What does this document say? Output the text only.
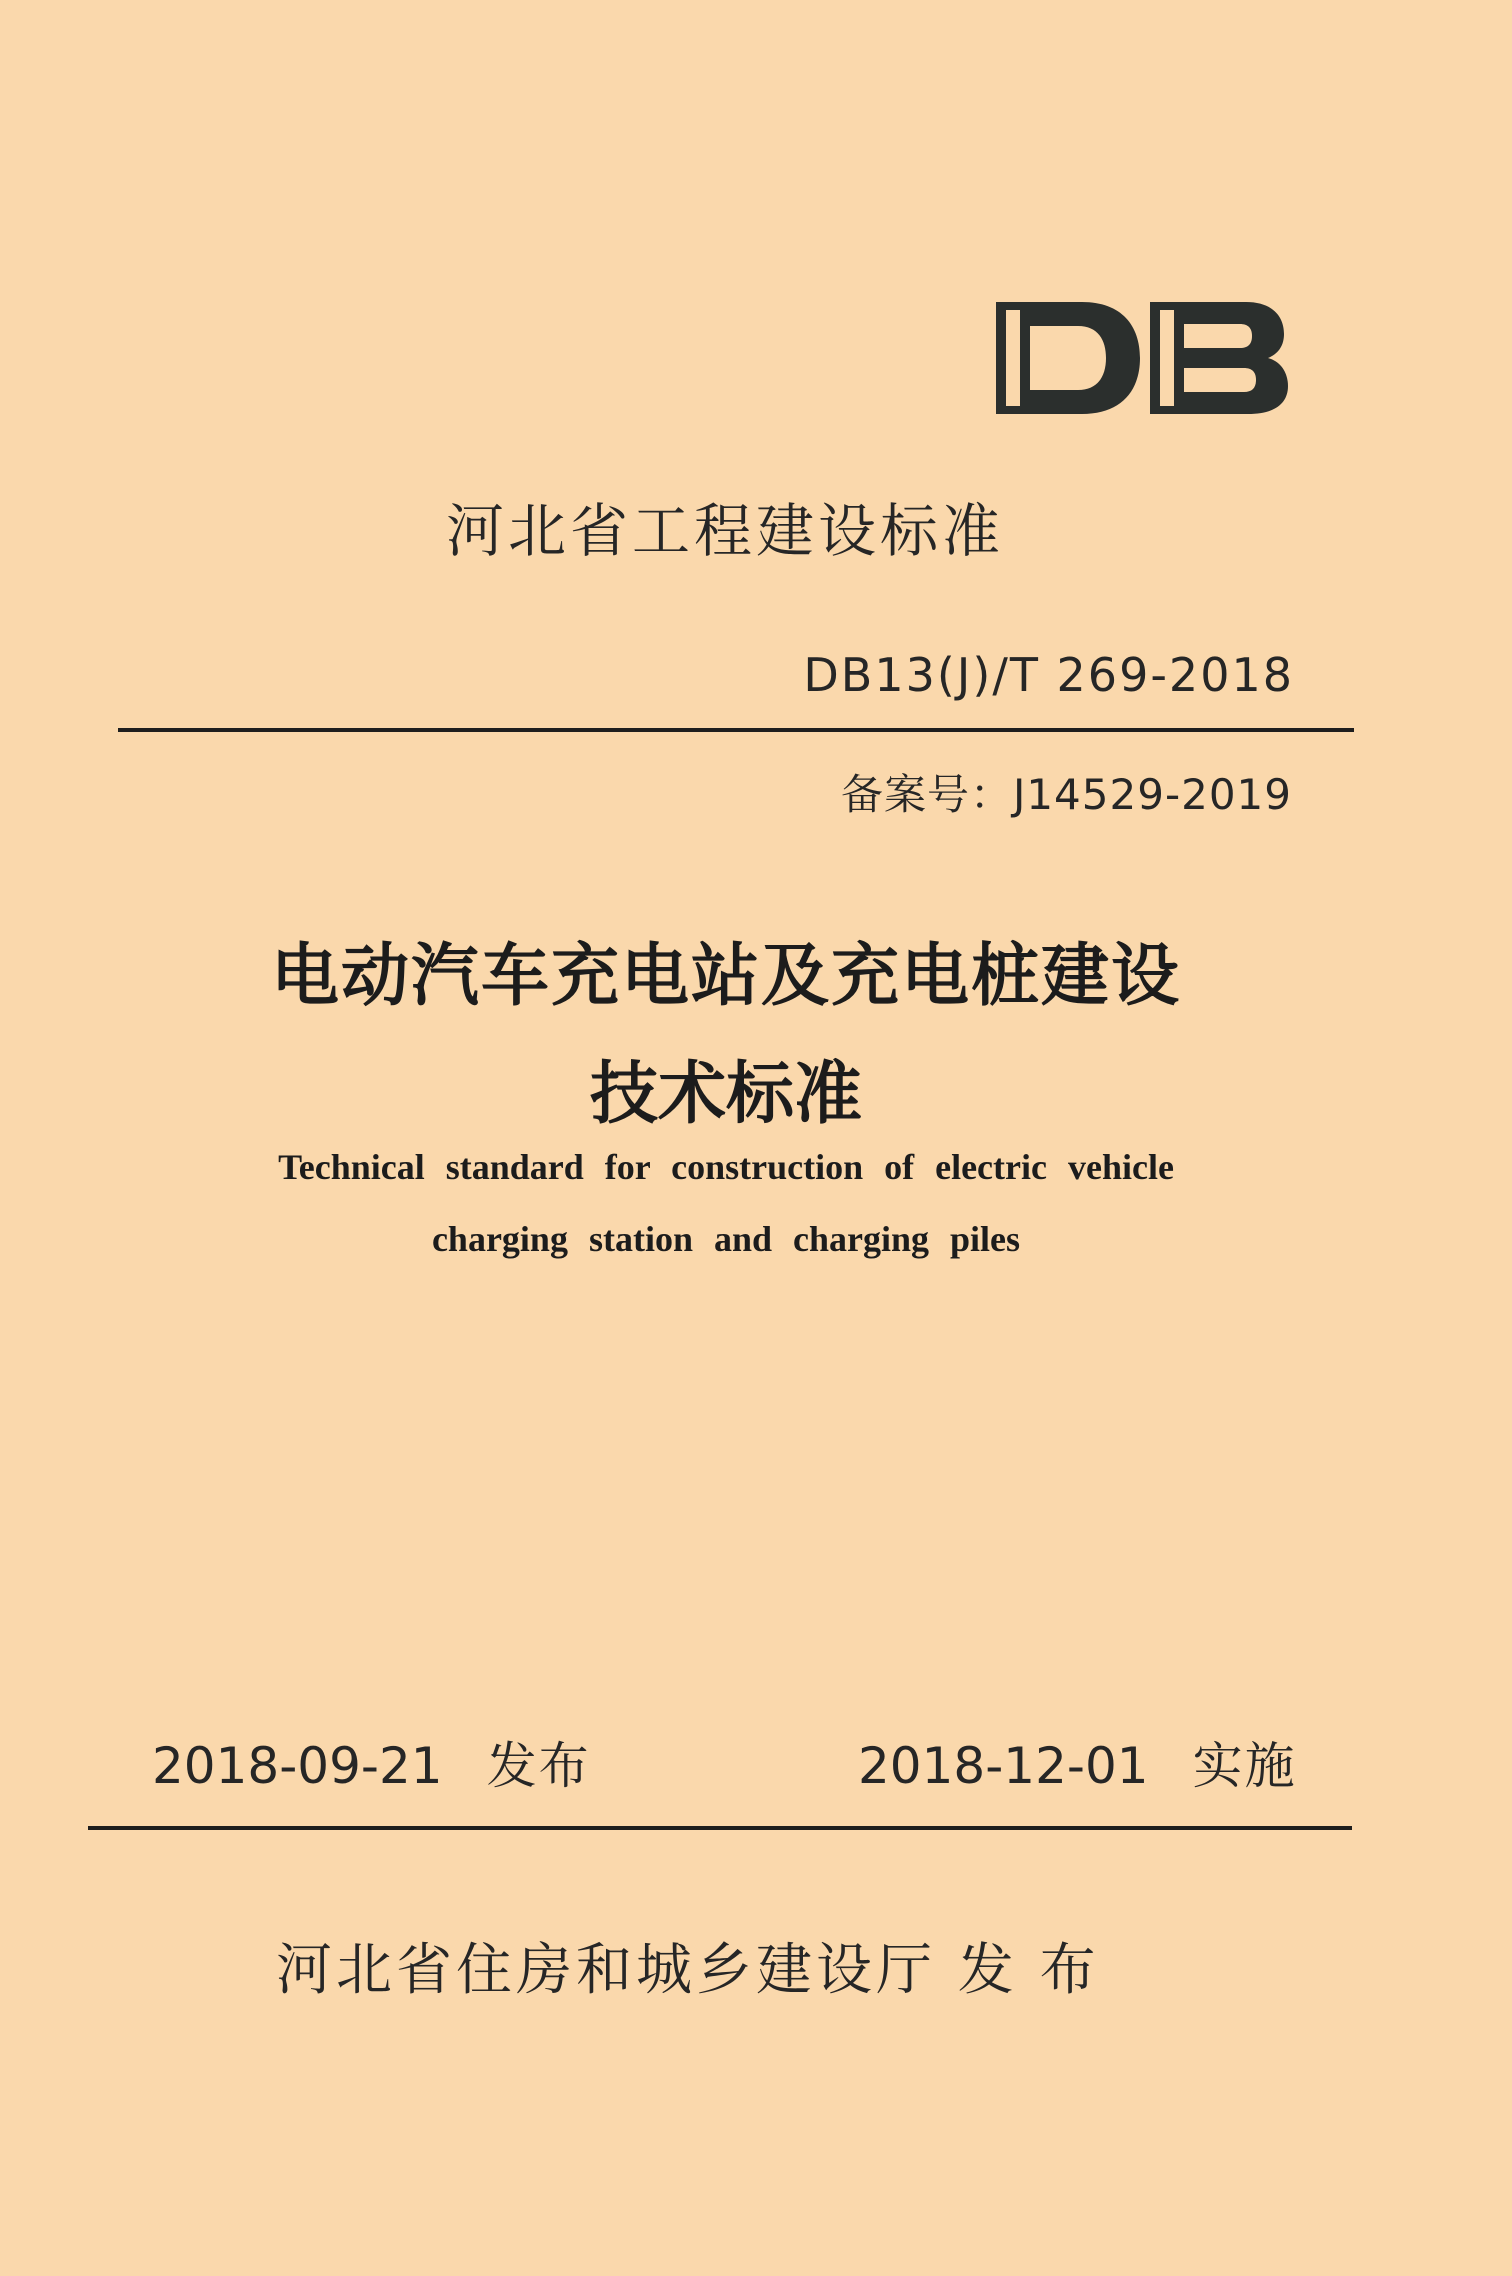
河北省工程建设标准
DB13(J)/T 269-2018
备案号：J14529-2019
电动汽车充电站及充电桩建设
技术标准
Technical standard for construction of electric vehicle
charging station and charging piles
2018-09-21 发布	2018-12-01 实施
河北省住房和城乡建设厅 发 布
